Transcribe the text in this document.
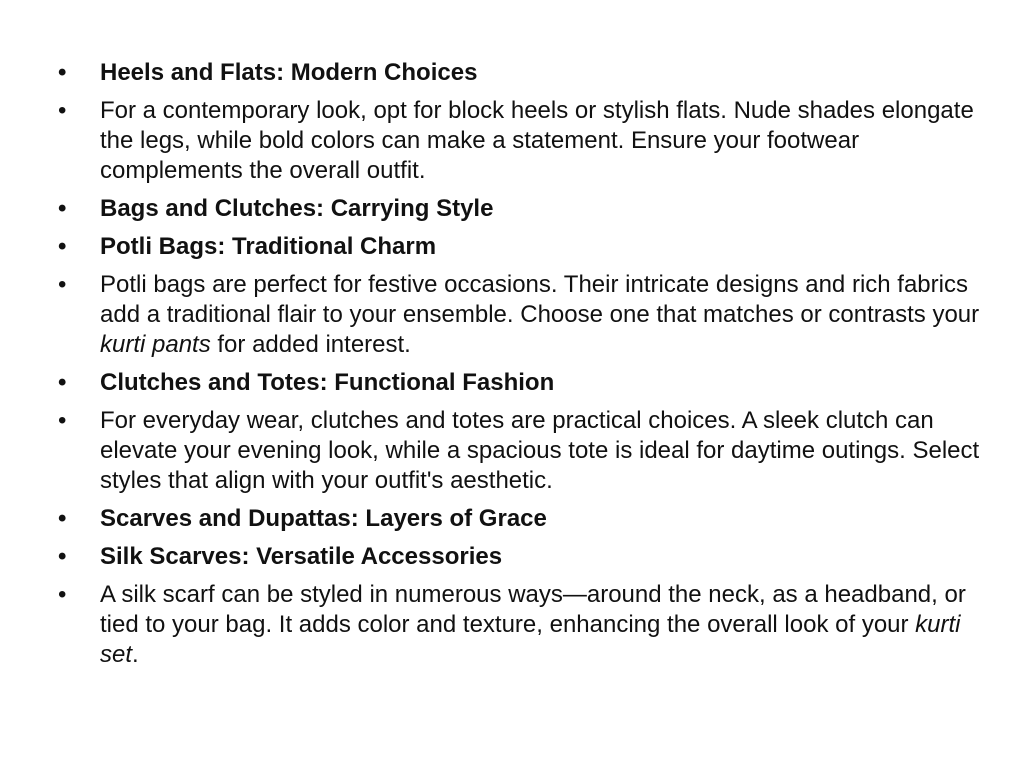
• Heels and Flats: Modern Choices
• For a contemporary look, opt for block heels or stylish flats. Nude shades elongate the legs, while bold colors can make a statement. Ensure your footwear complements the overall outfit.
• Bags and Clutches: Carrying Style
• Potli Bags: Traditional Charm
• Potli bags are perfect for festive occasions. Their intricate designs and rich fabrics add a traditional flair to your ensemble. Choose one that matches or contrasts your kurti pants for added interest.
• Clutches and Totes: Functional Fashion
• For everyday wear, clutches and totes are practical choices. A sleek clutch can elevate your evening look, while a spacious tote is ideal for daytime outings. Select styles that align with your outfit's aesthetic.
• Scarves and Dupattas: Layers of Grace
• Silk Scarves: Versatile Accessories
• A silk scarf can be styled in numerous ways—around the neck, as a headband, or tied to your bag. It adds color and texture, enhancing the overall look of your kurti set.
